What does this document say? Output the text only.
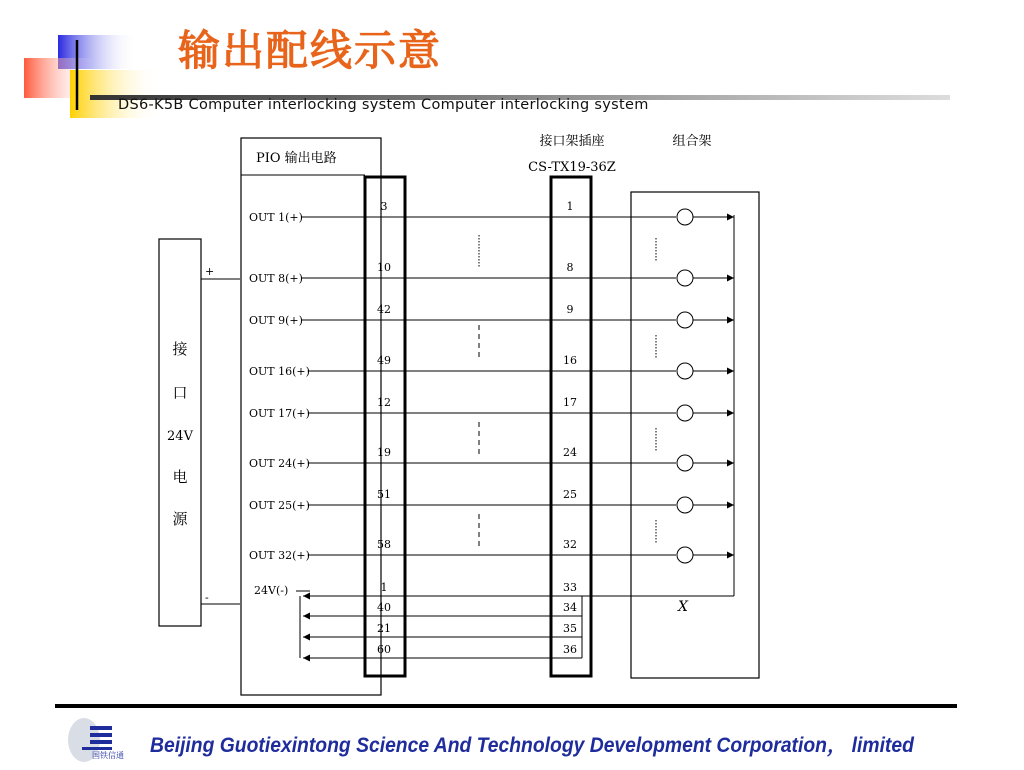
输出配线示意
DS6-K5B Computer interlocking system Computer interlocking system
接
口
24V
电
源
+
-
PIO 输出电路
接口架插座
CS-TX19-36Z
组合架
X
OUT 1(+)
3	1
OUT 8(+)
10	8
OUT 9(+)
42	9
OUT 16(+)
49	16
OUT 17(+)
12	17
OUT 24(+)
19	24
OUT 25(+)
51	25
OUT 32(+)
58	32
24V(-)	1	33
40	34
21	35
60	36
国铁信通 Beijing Guotiexintong Science And Technology Development Corporation， limited
